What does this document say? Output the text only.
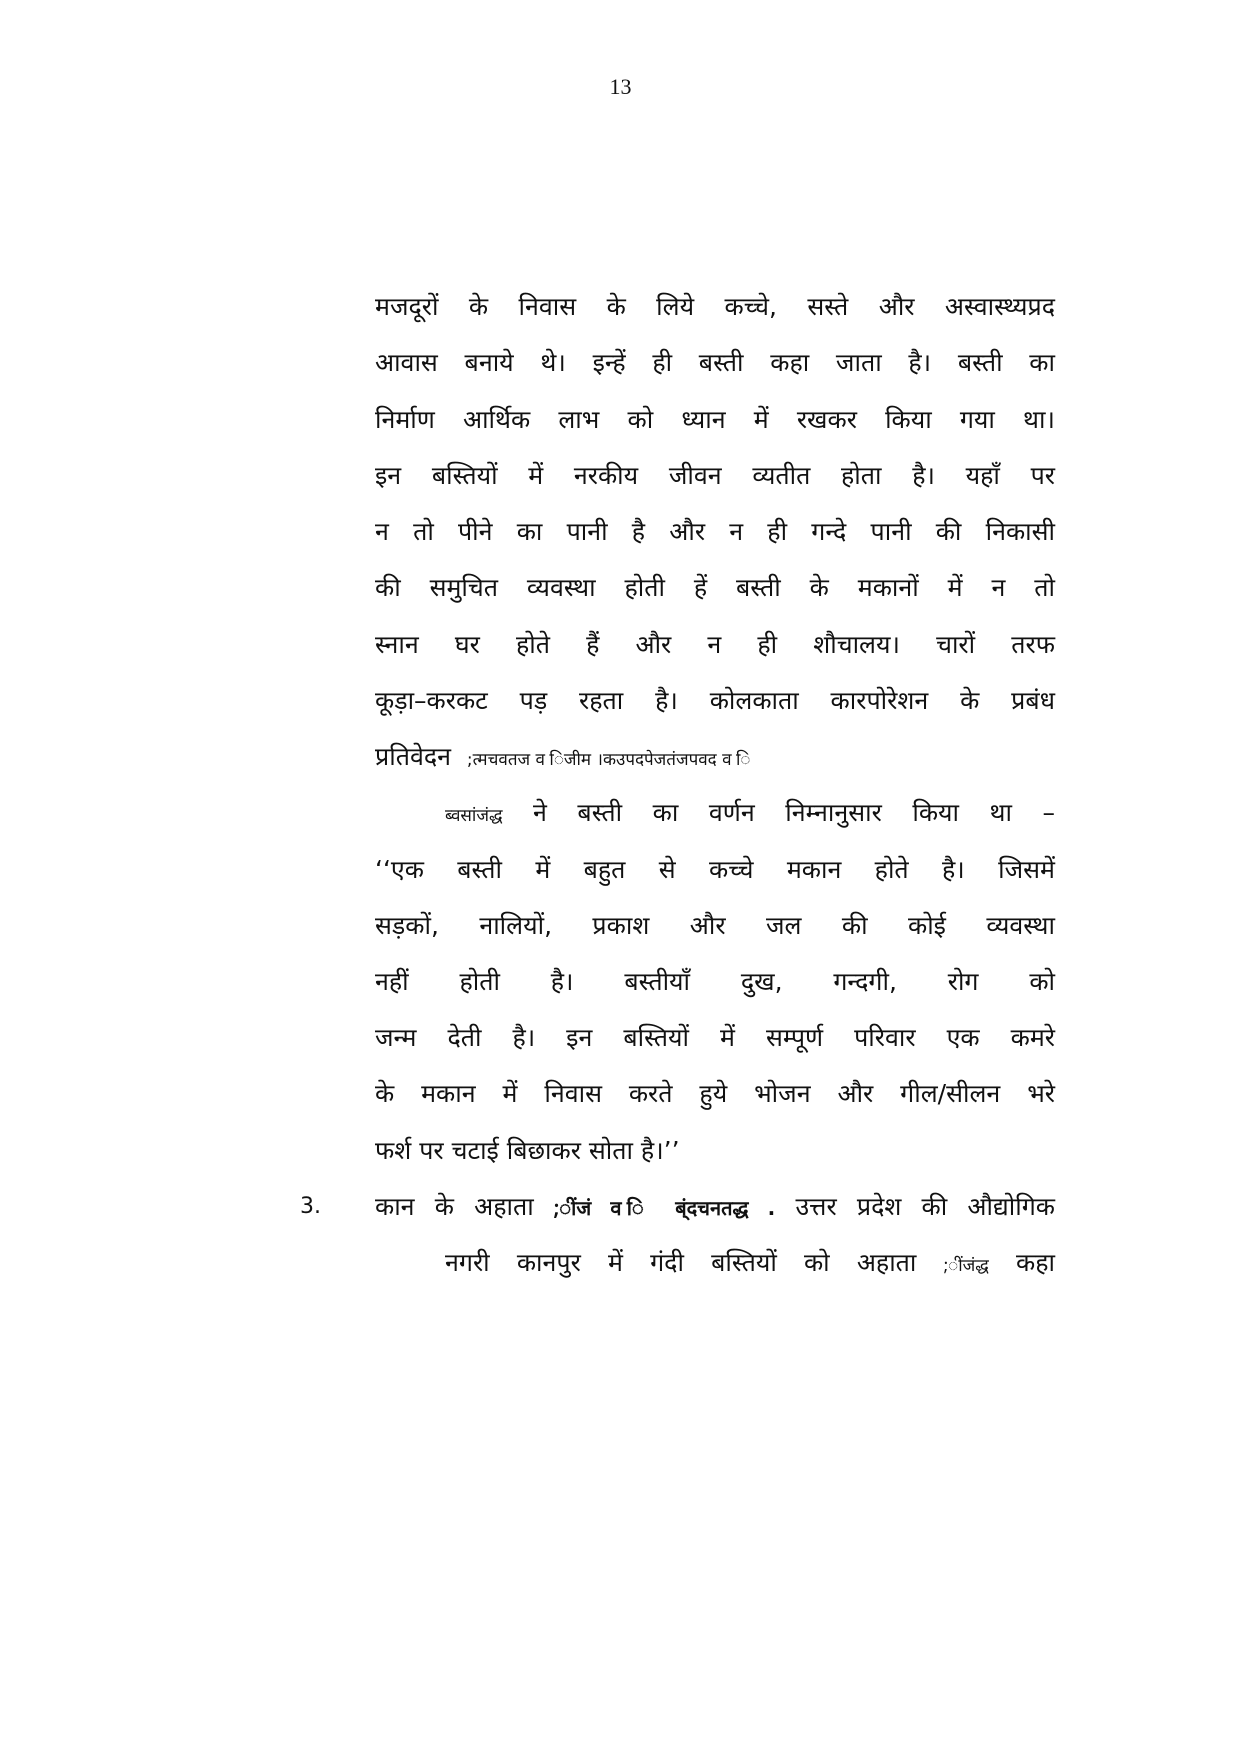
13
मजदूरों के निवास के लिये कच्चे, सस्ते और अस्वास्थ्यप्रद
आवास बनाये थे। इन्हें ही बस्ती कहा जाता है। बस्ती का
निर्माण आर्थिक लाभ को ध्यान में रखकर किया गया था।
इन बस्तियों में नरकीय जीवन व्यतीत होता है। यहाँ पर
न तो पीने का पानी है और न ही गन्दे पानी की निकासी
की समुचित व्यवस्था होती हें बस्ती के मकानों में न तो
स्नान घर होते हैं और न ही शौचालय। चारों तरफ
कूड़ा–करकट पड़ रहता है। कोलकाता कारपोरेशन के प्रबंध
प्रतिवेदन ;त्मचवतज व िजीम ।कउपदपेजतंजपवद व ि
ब्वसांजंद्ध ने बस्ती का वर्णन निम्नानुसार किया था –
‘‘एक बस्ती में बहुत से कच्चे मकान होते है। जिसमें
सड़कों, नालियों, प्रकाश और जल की कोई व्यवस्था
नहीं होती है। बस्तीयाँ दुख, गन्दगी, रोग को
जन्म देती है। इन बस्तियों में सम्पूर्ण परिवार एक कमरे
के मकान में निवास करते हुये भोजन और गील/सीलन भरे
फर्श पर चटाई बिछाकर सोता है।’’
3. कान के अहाता ;ींजं व ि ब्ंदचनतद्ध . उत्तर प्रदेश की औद्योगिक
नगरी कानपुर में गंदी बस्तियों को अहाता ;ींजंद्ध कहा
